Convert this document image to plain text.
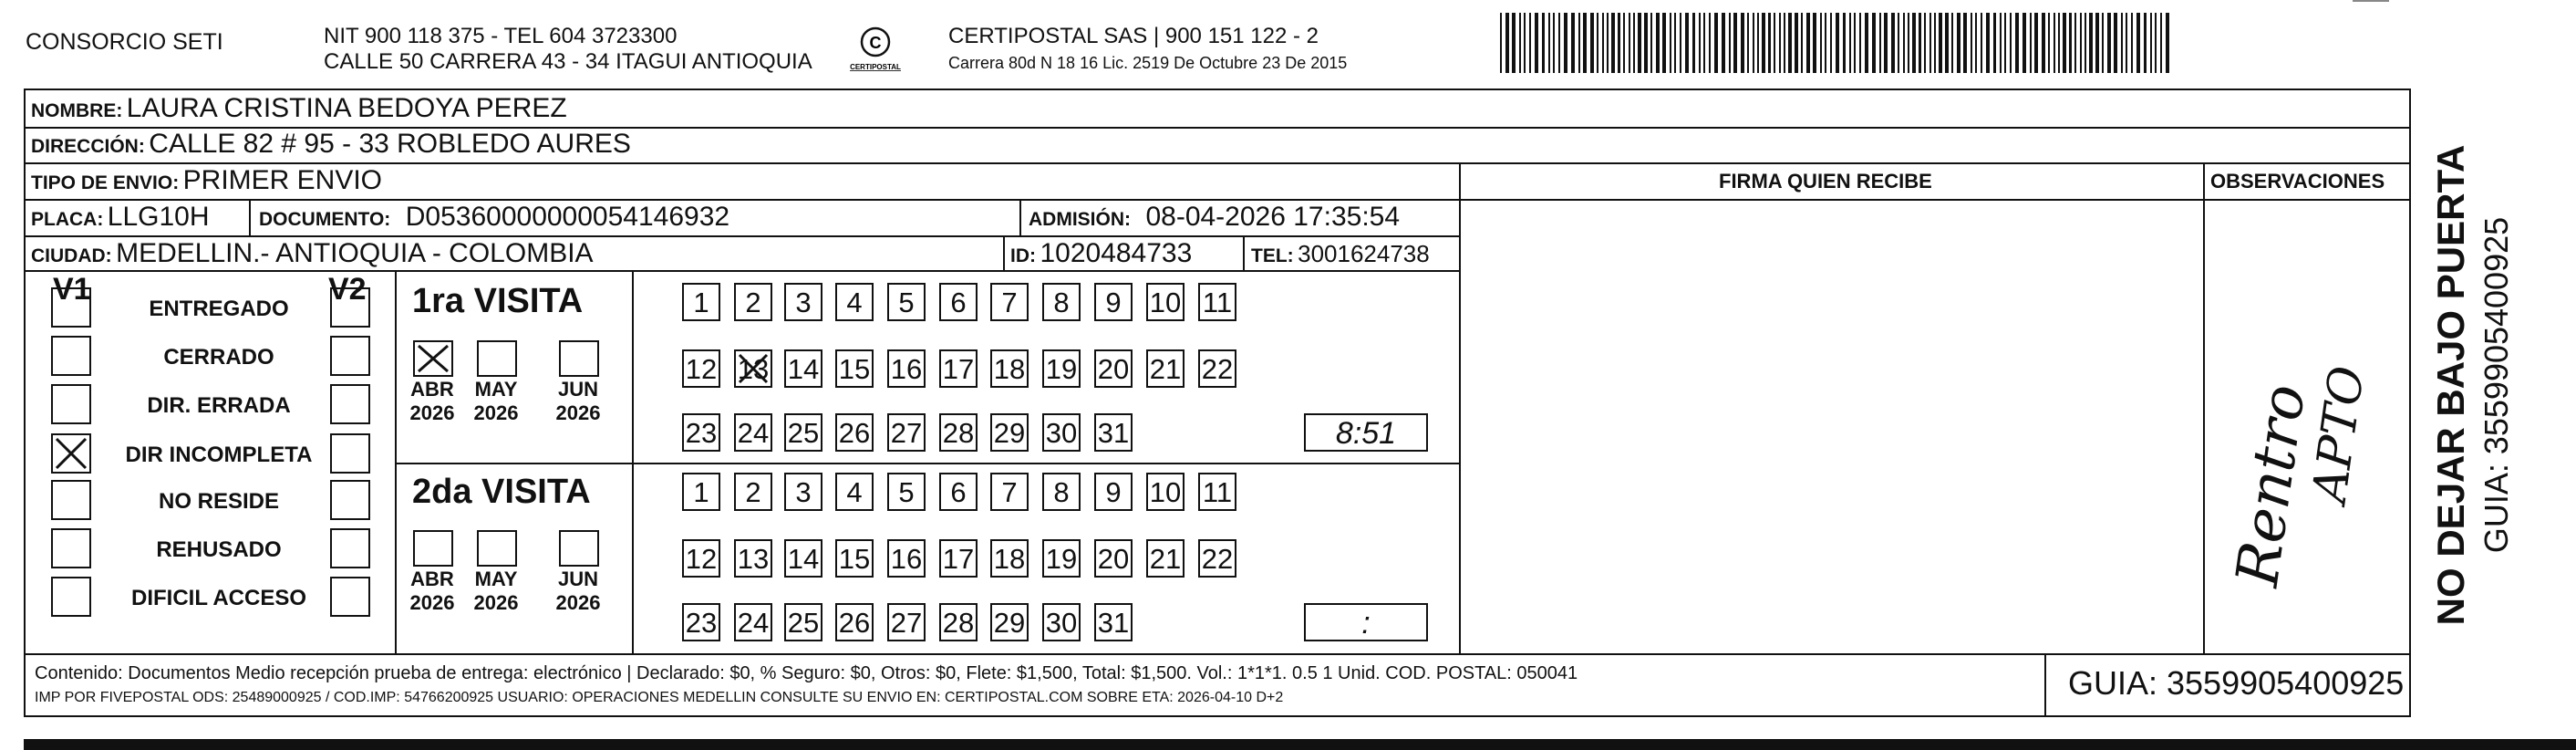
CONSORCIO SETI	NIT 900 118 375 - TEL 604 3723300
CALLE 50 CARRERA 43 - 34 ITAGUI ANTIOQUIA
C
CERTIPOSTAL
CERTIPOSTAL SAS | 900 151 122 - 2
Carrera 80d N 18 16 Lic. 2519 De Octubre 23 De 2015
NOMBRE: LAURA CRISTINA BEDOYA PEREZ
DIRECCIÓN: CALLE 82 # 95 - 33 ROBLEDO AURES
TIPO DE ENVIO: PRIMER ENVIO	FIRMA QUIEN RECIBE	OBSERVACIONES
PLACA: LLG10H	DOCUMENTO: D05360000000054146932	ADMISIÓN: 08-04-2026 17:35:54
CIUDAD: MEDELLIN.- ANTIOQUIA - COLOMBIA	ID: 1020484733	TEL: 3001624738
V1	V2
ENTREGADO
CERRADO
DIR. ERRADA
DIR INCOMPLETA
NO RESIDE
REHUSADO
DIFICIL ACCESO
1ra VISITA
2da VISITA
ABR 2026
MAY 2026
JUN 2026
1	2	3	4	5	6	7	8	9	10 11
12 13 14 15 16 17 18 19 20 21 22
23 24 25 26 27 28 29 30 31	8:51
ABR 2026
MAY 2026
JUN 2026
1	2	3	4	5	6	7	8	9	10 11
12 13 14 15 16 17 18 19 20 21 22
23 24 25 26 27 28 29 30 31	:
Rentro
APTO NO DEJAR BAJO PUERTA GUIA: 3559905400925
Contenido: Documentos Medio recepción prueba de entrega: electrónico | Declarado: $0, % Seguro: $0, Otros: $0, Flete: $1,500, Total: $1,500. Vol.: 1*1*1. 0.5 1 Unid. COD. POSTAL: 050041
IMP POR FIVEPOSTAL ODS: 25489000925 / COD.IMP: 54766200925 USUARIO: OPERACIONES MEDELLIN CONSULTE SU ENVIO EN: CERTIPOSTAL.COM SOBRE ETA: 2026-04-10 D+2	GUIA: 3559905400925
